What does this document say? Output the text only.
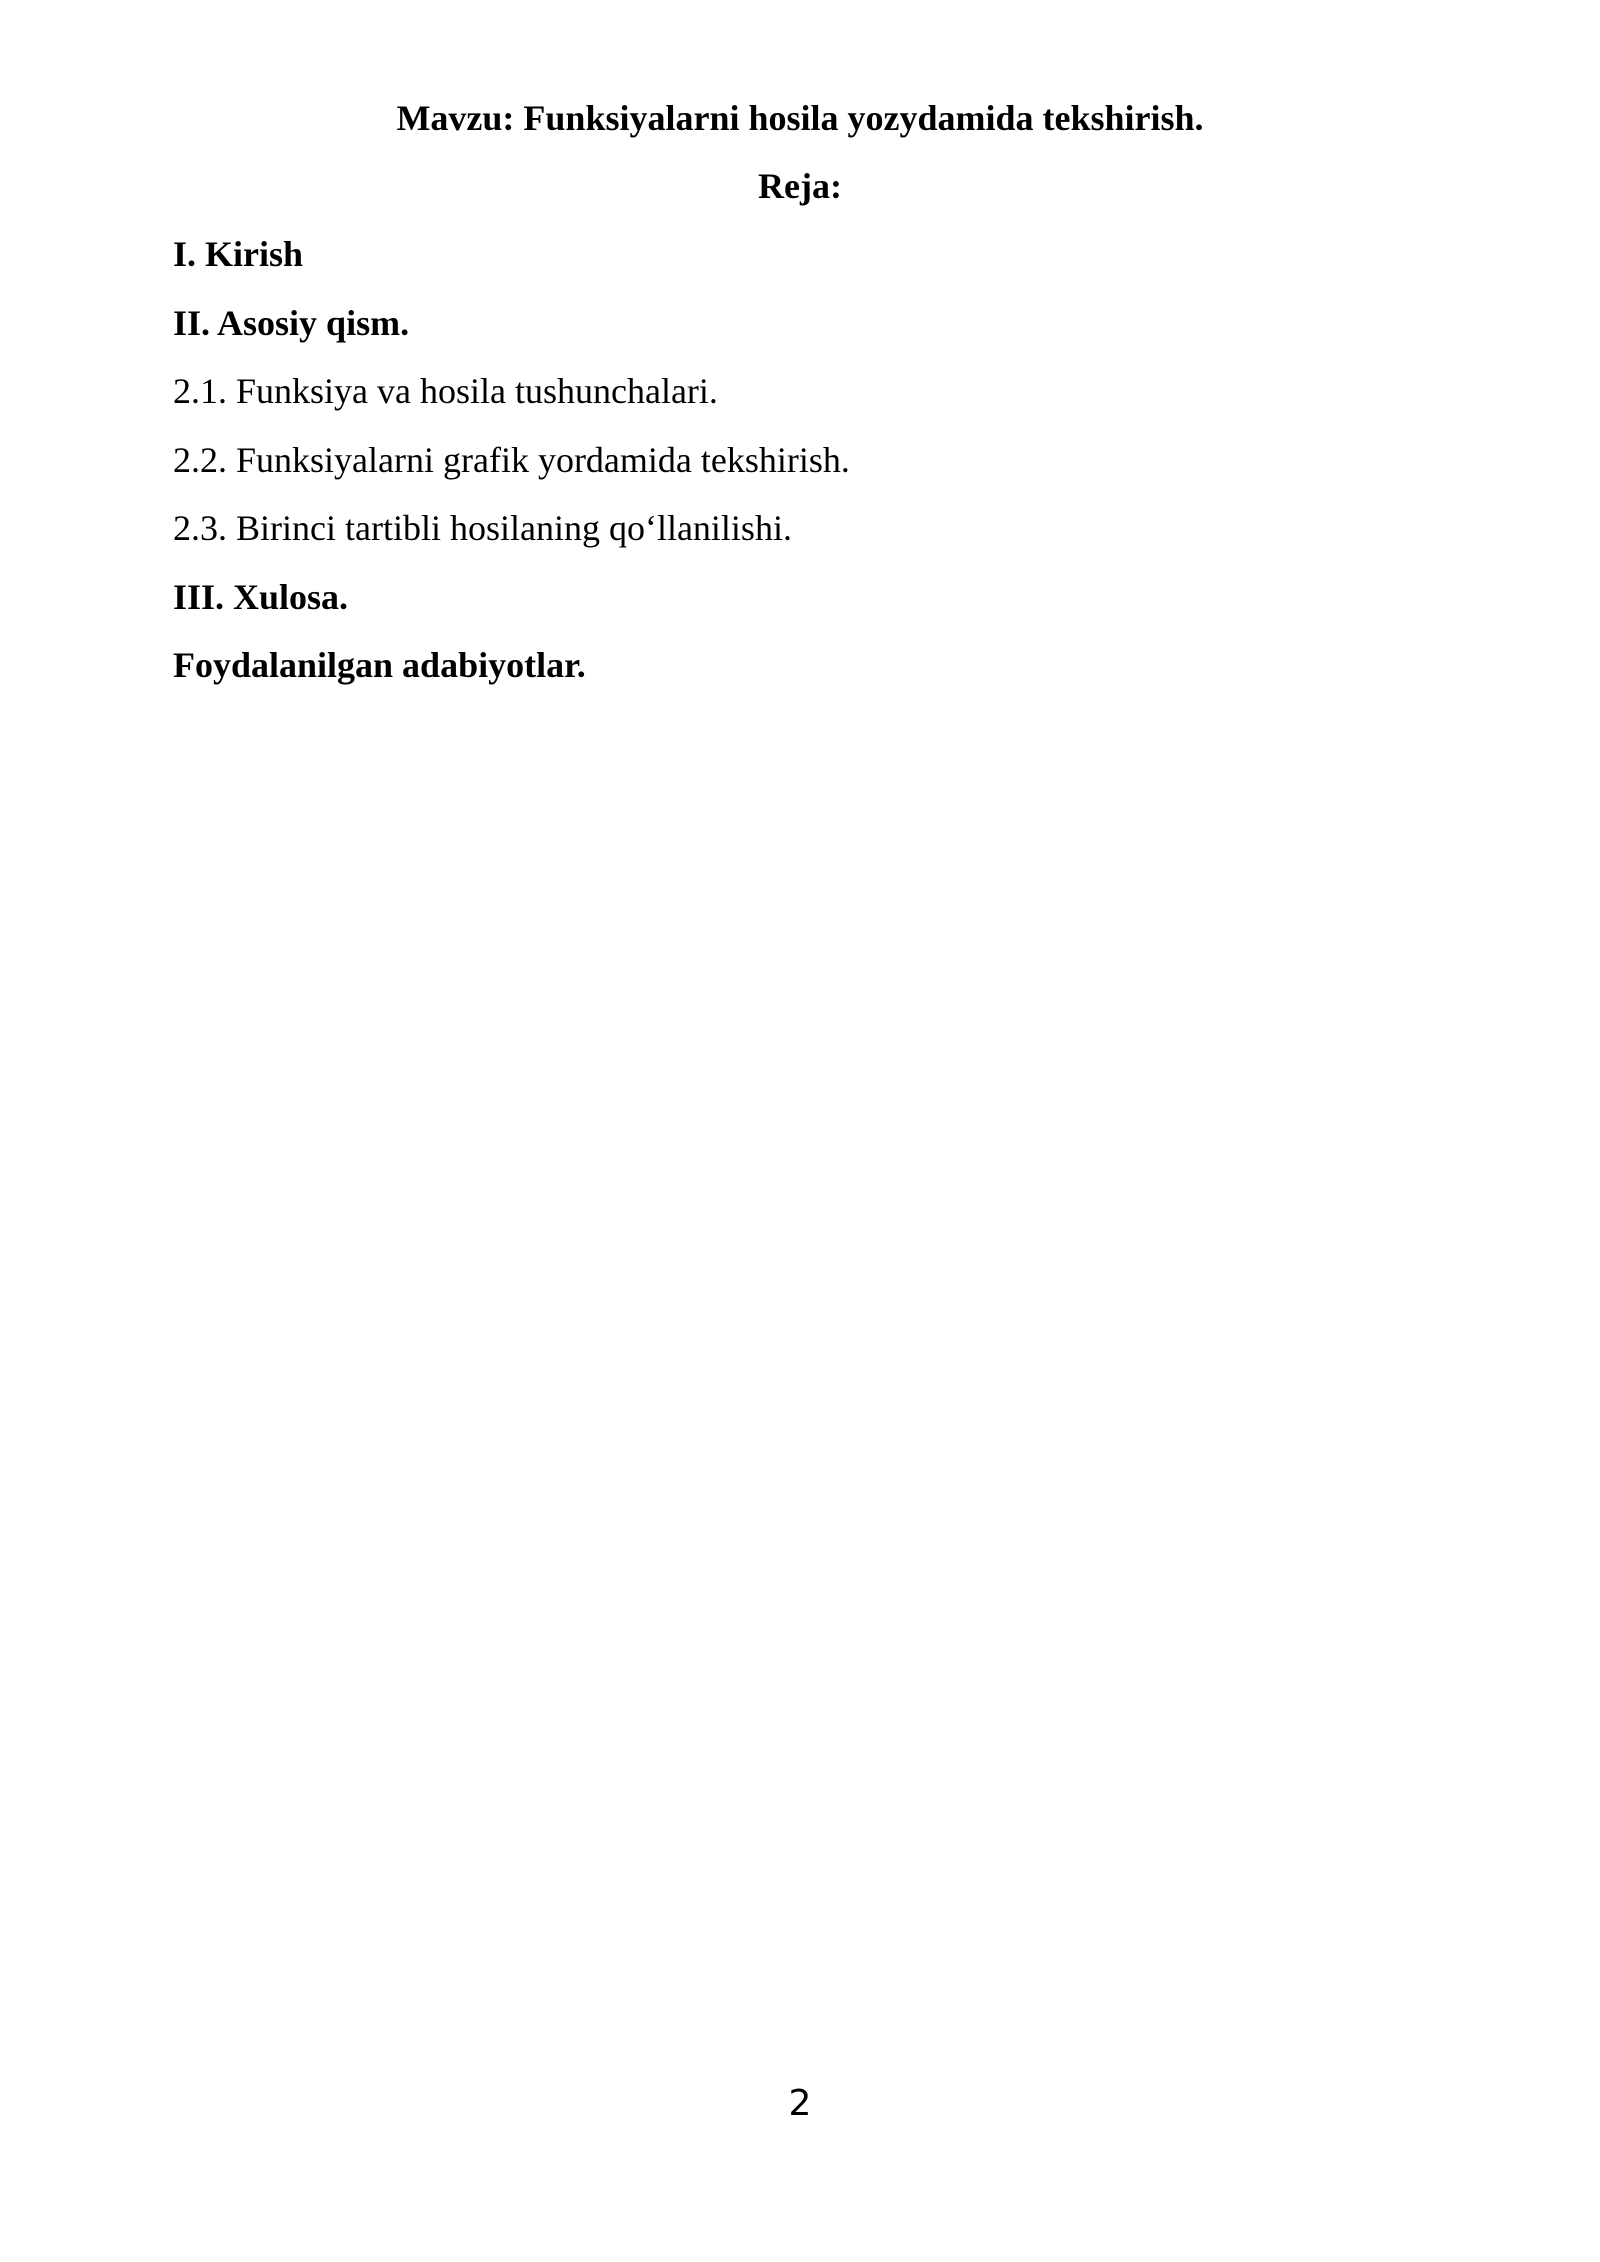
Mavzu: Funksiyalarni hosila yozydamida tekshirish.
Reja:
I. Kirish
II. Asosiy qism.
2.1. Funksiya va hosila tushunchalari.
2.2. Funksiyalarni grafik yordamida tekshirish.
2.3. Birinci tartibli hosilaning qo‘llanilishi.
III. Xulosa.
Foydalanilgan adabiyotlar.
2
